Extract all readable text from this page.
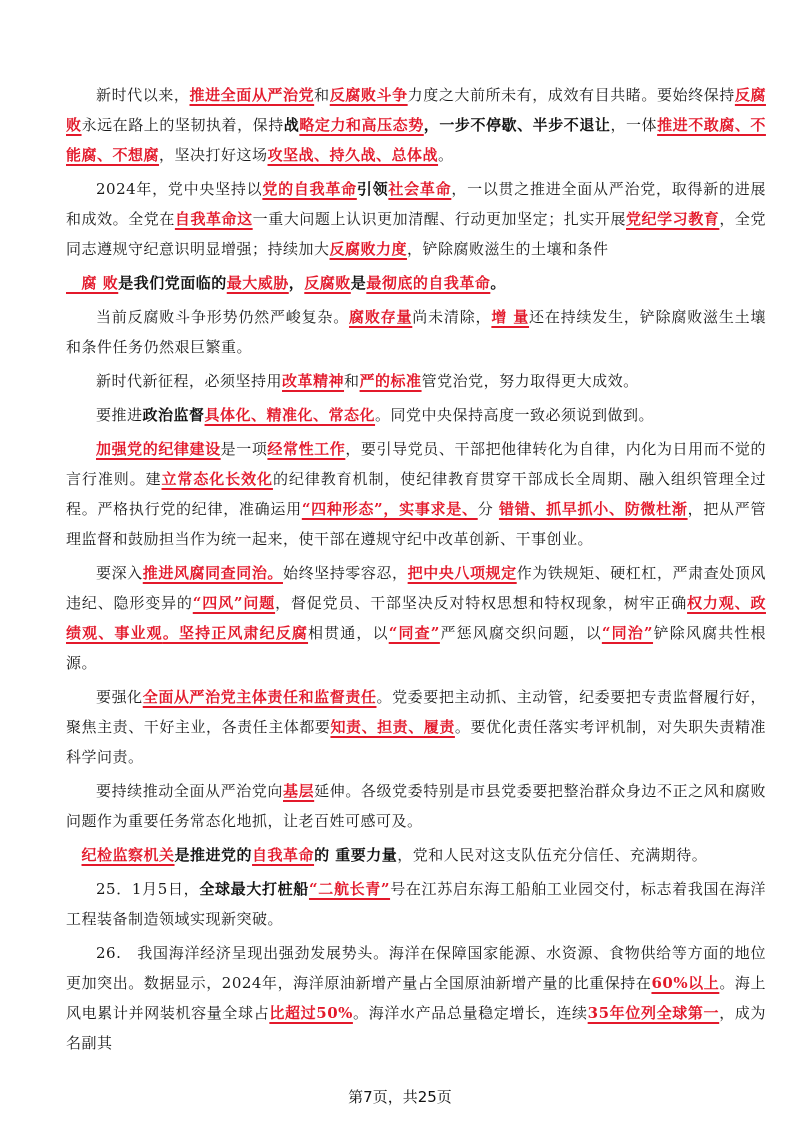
新时代以来，推进全面从严治党和反腐败斗争力度之大前所未有，成效有目共睹。要始终保持反腐败永远在路上的坚韧执着，保持战略定力和高压态势，一步不停歇、半步不退让，一体推进不敢腐、不能腐、不想腐，坚决打好这场攻坚战、持久战、总体战。

2024年，党中央坚持以党的自我革命引领社会革命，一以贯之推进全面从严治党，取得新的进展和成效。全党在自我革命这一重大问题上认识更加清醒、行动更加坚定；扎实开展党纪学习教育，全党同志遵规守纪意识明显增强；持续加大反腐败力度，铲除腐败滋生的土壤和条件

　腐 败是我们党面临的最大威胁，反腐败是最彻底的自我革命。

当前反腐败斗争形势仍然严峻复杂。腐败存量尚未清除，增 量还在持续发生，铲除腐败滋生土壤和条件任务仍然艰巨繁重。

新时代新征程，必须坚持用改革精神和严的标准管党治党，努力取得更大成效。

要推进政治监督具体化、精准化、常态化。同党中央保持高度一致必须说到做到。

加强党的纪律建设是一项经常性工作，要引导党员、干部把他律转化为自律，内化为日用而不觉的言行准则。建立常态化长效化的纪律教育机制，使纪律教育贯穿干部成长全周期、融入组织管理全过程。严格执行党的纪律，准确运用“四种形态”，实事求是、分 错错、抓早抓小、防微杜渐，把从严管理监督和鼓励担当作为统一起来，使干部在遵规守纪中改革创新、干事创业。

要深入推进风腐同查同治。始终坚持零容忍，把中央八项规定作为铁规矩、硬杠杠，严肃查处顶风违纪、隐形变异的“四风”问题，督促党员、干部坚决反对特权思想和特权现象，树牢正确权力观、政绩观、事业观。坚持正风肃纪反腐相贯通，以“同查”严惩风腐交织问题，以“同治”铲除风腐共性根源。

要强化全面从严治党主体责任和监督责任。党委要把主动抓、主动管，纪委要把专责监督履行好，聚焦主责、干好主业，各责任主体都要知责、担责、履责。要优化责任落实考评机制，对失职失责精准科学问责。

要持续推动全面从严治党向基层延伸。各级党委特别是市县党委要把整治群众身边不正之风和腐败问题作为重要任务常态化地抓，让老百姓可感可及。

　纪检监察机关是推进党的自我革命的 重要力量，党和人民对这支队伍充分信任、充满期待。

25．1月5日，全球最大打桩船“二航长青”号在江苏启东海工船舶工业园交付，标志着我国在海洋工程装备制造领域实现新突破。

26.　我国海洋经济呈现出强劲发展势头。海洋在保障国家能源、水资源、食物供给等方面的地位更加突出。数据显示，2024年，海洋原油新增产量占全国原油新增产量的比重保持在60%以上。海上风电累计并网装机容量全球占比超过50%。海洋水产品总量稳定增长，连续35年位列全球第一，成为名副其

第7页，共25页
